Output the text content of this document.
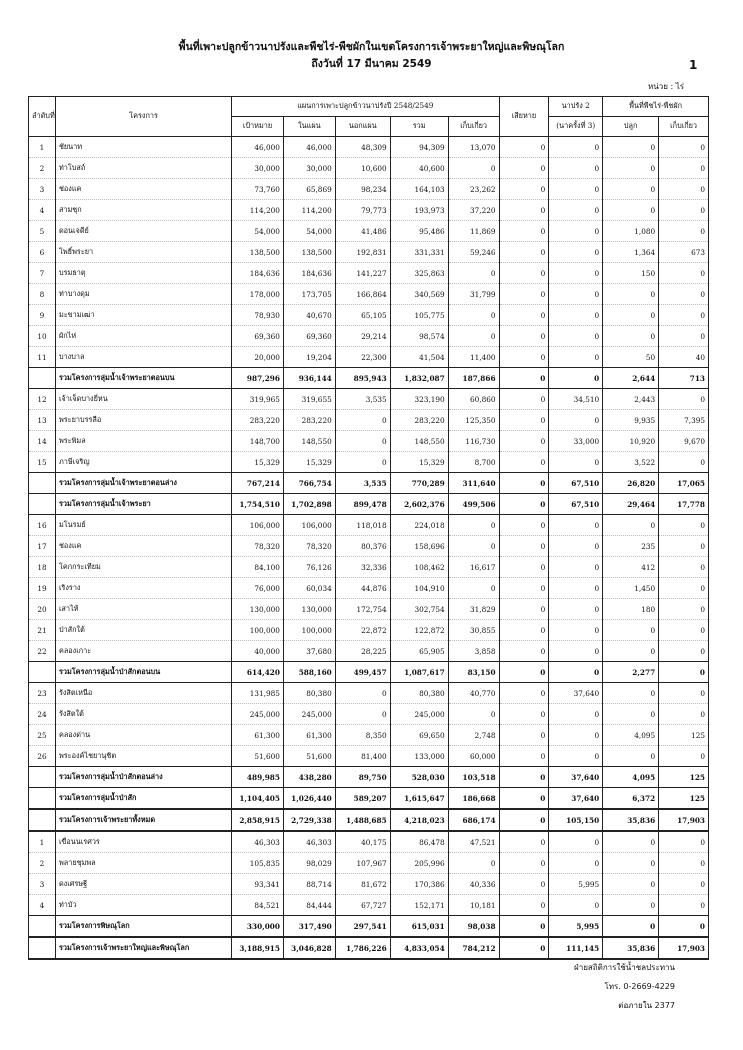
พื้นที่เพาะปลูกข้าวนาปรังและพืชไร่-พืชผักในเขตโครงการเจ้าพระยาใหญ่และพิษณุโลก
ถึงวันที่ 17 มีนาคม 2549	1
หน่วย : ไร่
ลำดับที่	โครงการ	แผนการเพาะปลูกข้าวนาปรังปี 2548/2549					เสียหาย	นาปรัง 2	พื้นที่พืชไร่-พืชผัก	
		เป้าหมาย	ในแผน	นอกแผน	รวม	เก็บเกี่ยว		(นาครั้งที่ 3)	ปลูก	เก็บเกี่ยว
1	ชัยนาท	46,000	46,000	48,309	94,309	13,070	0	0	0	0
2	ท่าโบสถ์	30,000	30,000	10,600	40,600	0	0	0	0	0
3	ช่องแค	73,760	65,869	98,234	164,103	23,262	0	0	0	0
4	สามชุก	114,200	114,200	79,773	193,973	37,220	0	0	0	0
5	ดอนเจดีย์	54,000	54,000	41,486	95,486	11,869	0	0	1,080	0
6	โพธิ์พระยา	138,500	138,500	192,831	331,331	59,246	0	0	1,364	673
7	บรมธาตุ	184,636	184,636	141,227	325,863	0	0	0	150	0
8	ท่าบางดุม	178,000	173,705	166,864	340,569	31,799	0	0	0	0
9	มะขามเฒ่า	78,930	40,670	65,105	105,775	0	0	0	0	0
10	ผักไห่	69,360	69,360	29,214	98,574	0	0	0	0	0
11	บางบาล	20,000	19,204	22,300	41,504	11,400	0	0	50	40
	รวมโครงการลุ่มน้ำเจ้าพระยาตอนบน	987,296	936,144	895,943	1,832,087	187,866	0	0	2,644	713
12	เจ้าเจ็ดบางยี่หน	319,965	319,655	3,535	323,190	60,860	0	34,510	2,443	0
13	พระยาบรรลือ	283,220	283,220	0	283,220	125,350	0	0	9,935	7,395
14	พระพิมล	148,700	148,550	0	148,550	116,730	0	33,000	10,920	9,670
15	ภาษีเจริญ	15,329	15,329	0	15,329	8,700	0	0	3,522	0
	รวมโครงการลุ่มน้ำเจ้าพระยาตอนล่าง	767,214	766,754	3,535	770,289	311,640	0	67,510	26,820	17,065
	รวมโครงการลุ่มน้ำเจ้าพระยา	1,754,510	1,702,898	899,478	2,602,376	499,506	0	67,510	29,464	17,778
16	มโนรมย์	106,000	106,000	118,018	224,018	0	0	0	0	0
17	ช่องแค	78,320	78,320	80,376	158,696	0	0	0	235	0
18	โคกกระเทียม	84,100	76,126	32,336	108,462	16,617	0	0	412	0
19	เริงราง	76,000	60,034	44,876	104,910	0	0	0	1,450	0
20	เสาไห้	130,000	130,000	172,754	302,754	31,829	0	0	180	0
21	ป่าสักใต้	100,000	100,000	22,872	122,872	30,855	0	0	0	0
22	คลองเกาะ	40,000	37,680	28,225	65,905	3,858	0	0	0	0
	รวมโครงการลุ่มน้ำป่าสักตอนบน	614,420	588,160	499,457	1,087,617	83,150	0	0	2,277	0
23	รังสิตเหนือ	131,985	80,380	0	80,380	40,770	0	37,640	0	0
24	รังสิตใต้	245,000	245,000	0	245,000	0	0	0	0	0
25	คลองด่าน	61,300	61,300	8,350	69,650	2,748	0	0	4,095	125
26	พระองค์ไชยานุชิต	51,600	51,600	81,400	133,000	60,000	0	0	0	0
	รวมโครงการลุ่มน้ำป่าสักตอนล่าง	489,985	438,280	89,750	528,030	103,518	0	37,640	4,095	125
	รวมโครงการลุ่มน้ำป่าสัก	1,104,405	1,026,440	589,207	1,615,647	186,668	0	37,640	6,372	125
	รวมโครงการเจ้าพระยาทั้งหมด	2,858,915	2,729,338	1,488,685	4,218,023	686,174	0	105,150	35,836	17,903
1	เขื่อนนเรศวร	46,303	46,303	40,175	86,478	47,521	0	0	0	0
2	พลายชุมพล	105,835	98,029	107,967	205,996	0	0	0	0	0
3	ดงเศรษฐี	93,341	88,714	81,672	170,386	40,336	0	5,995	0	0
4	ท่าบัว	84,521	84,444	67,727	152,171	10,181	0	0	0	0
	รวมโครงการพิษณุโลก	330,000	317,490	297,541	615,031	98,038	0	5,995	0	0
	รวมโครงการเจ้าพระยาใหญ่และพิษณุโลก	3,188,915	3,046,828	1,786,226	4,833,054	784,212	0	111,145	35,836	17,903
ฝ่ายสถิติการใช้น้ำชลประทาน
โทร. 0-2669-4229
ต่อภายใน 2377
